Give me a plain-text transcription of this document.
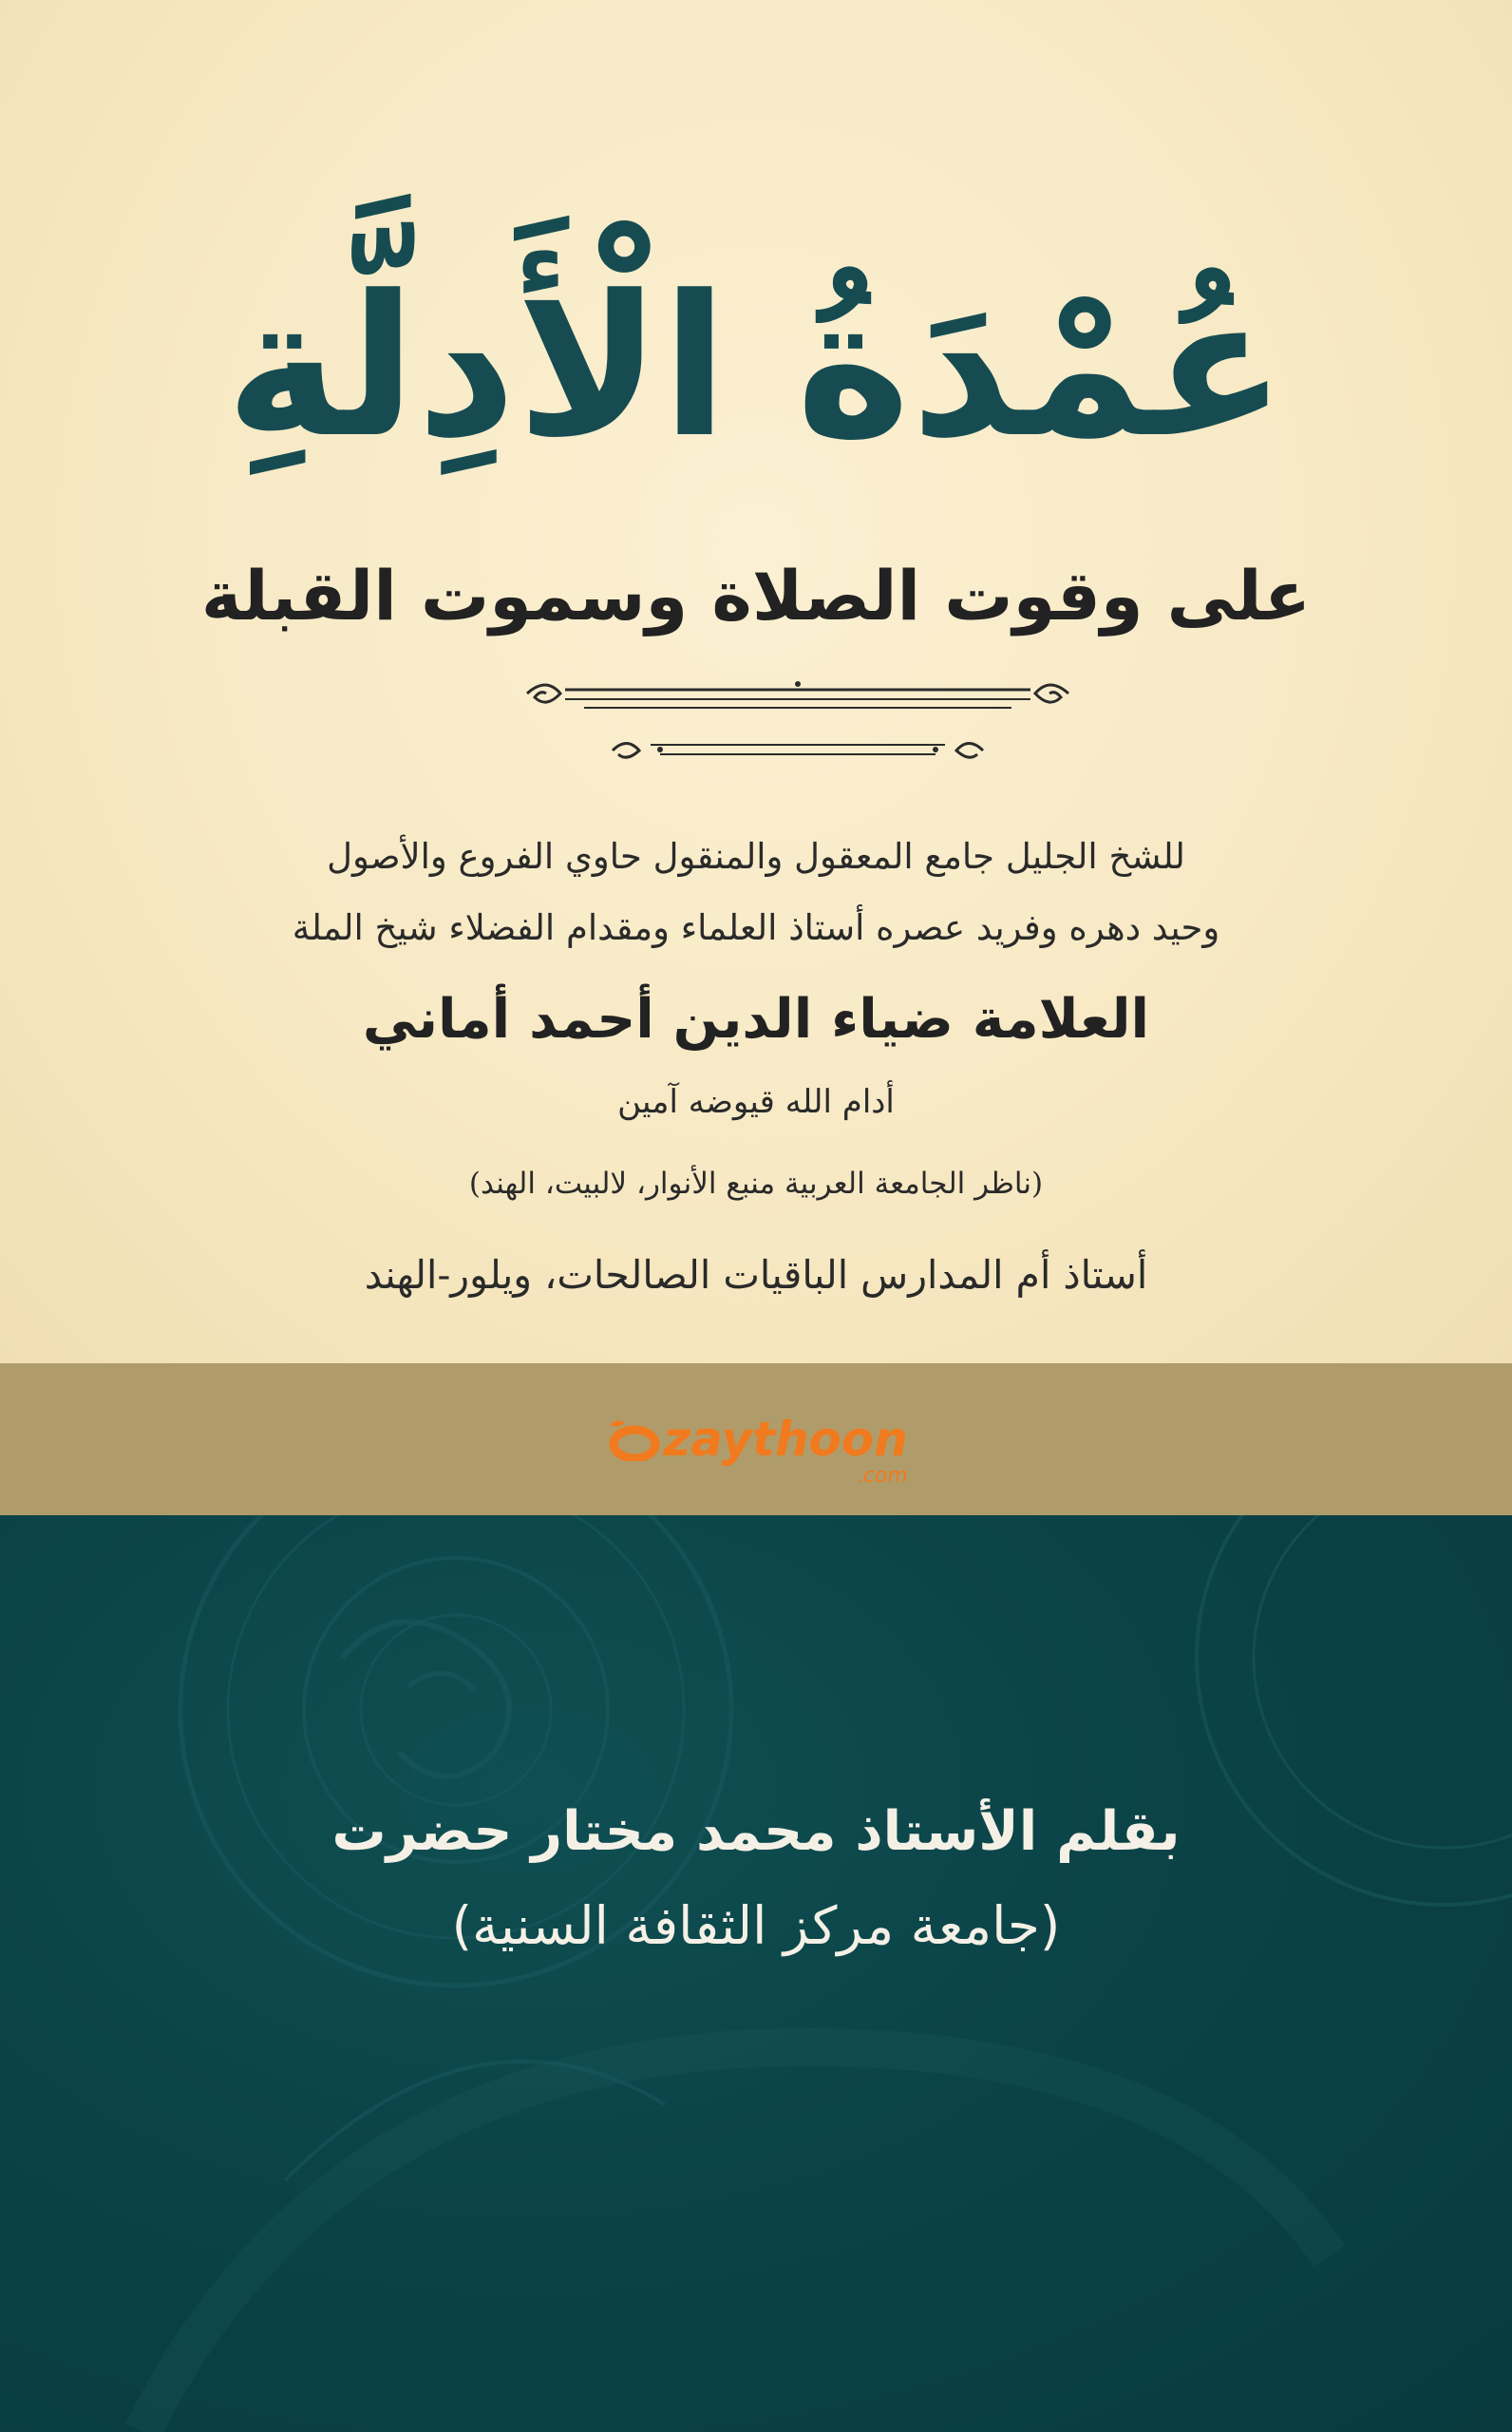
عُمْدَةُ الْأَدِلَّةِ
على وقوت الصلاة وسموت القبلة
للشخ الجليل جامع المعقول والمنقول حاوي الفروع والأصول
وحيد دهره وفريد عصره أستاذ العلماء ومقدام الفضلاء شيخ الملة
العلامة ضياء الدين أحمد أماني
أدام الله قيوضه آمين
(ناظر الجامعة العربية منبع الأنوار، لالبيت، الهند)
أستاذ أم المدارس الباقيات الصالحات، ويلور-الهند
zaythoon
.com
بقلم الأستاذ محمد مختار حضرت
(جامعة مركز الثقافة السنية)
